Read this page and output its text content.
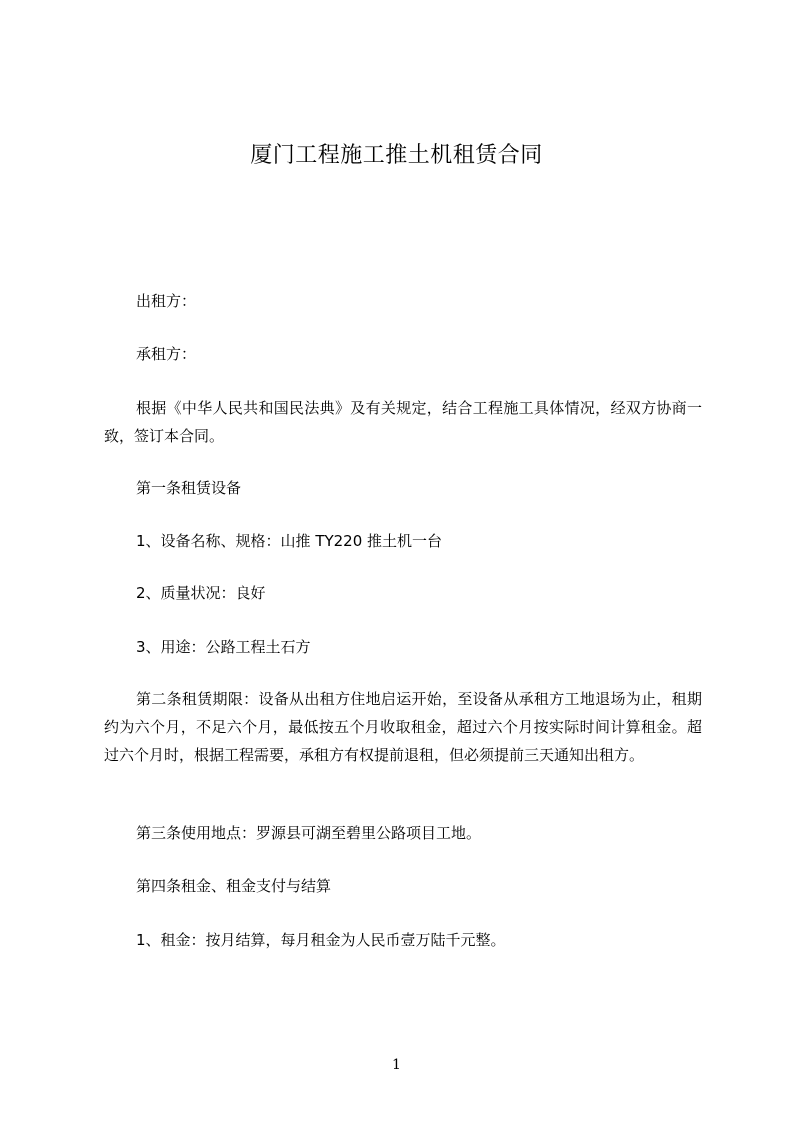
厦门工程施工推土机租赁合同

出租方：

承租方：

根据《中华人民共和国民法典》及有关规定，结合工程施工具体情况，经双方协商一致，签订本合同。

第一条租赁设备

1、设备名称、规格：山推 TY220 推土机一台

2、质量状况：良好

3、用途：公路工程土石方

第二条租赁期限：设备从出租方住地启运开始，至设备从承租方工地退场为止，租期约为六个月，不足六个月，最低按五个月收取租金，超过六个月按实际时间计算租金。超过六个月时，根据工程需要，承租方有权提前退租，但必须提前三天通知出租方。

第三条使用地点：罗源县可湖至碧里公路项目工地。

第四条租金、租金支付与结算

1、租金：按月结算，每月租金为人民币壹万陆千元整。

1
